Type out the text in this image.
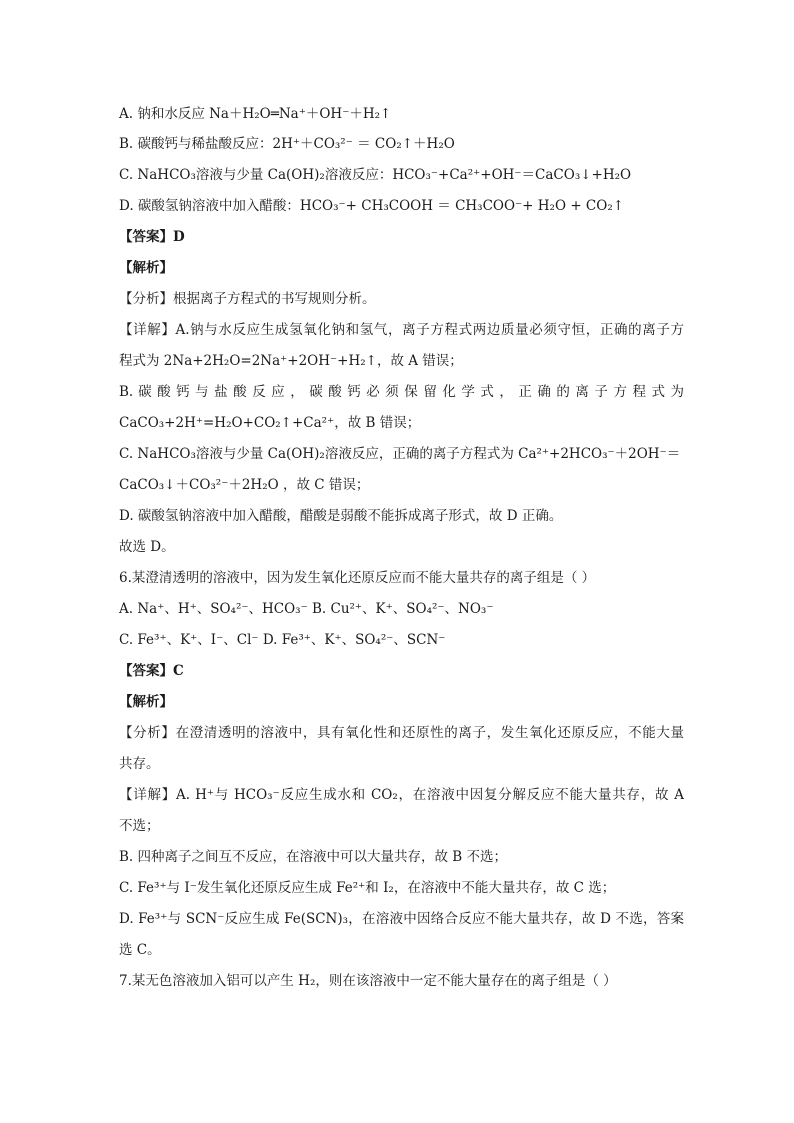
A. 钠和水反应 Na＋H₂O═Na⁺＋OH⁻＋H₂↑
B. 碳酸钙与稀盐酸反应：2H⁺＋CO₃²⁻ ＝ CO₂↑＋H₂O
C. NaHCO₃溶液与少量 Ca(OH)₂溶液反应：HCO₃⁻+Ca²⁺+OH⁻＝CaCO₃↓+H₂O
D. 碳酸氢钠溶液中加入醋酸：HCO₃⁻+ CH₃COOH ＝ CH₃COO⁻+ H₂O + CO₂↑
【答案】D
【解析】
【分析】根据离子方程式的书写规则分析。
【详解】A.钠与水反应生成氢氧化钠和氢气，离子方程式两边质量必须守恒，正确的离子方
程式为 2Na+2H₂O=2Na⁺+2OH⁻+H₂↑，故 A 错误；
B. 碳 酸 钙 与 盐 酸 反 应 ， 碳 酸 钙 必 须 保 留 化 学 式 ， 正 确 的 离 子 方 程 式 为
CaCO₃+2H⁺=H₂O+CO₂↑+Ca²⁺，故 B 错误；
C. NaHCO₃溶液与少量 Ca(OH)₂溶液反应，正确的离子方程式为 Ca²⁺+2HCO₃⁻＋2OH⁻＝
CaCO₃↓＋CO₃²⁻＋2H₂O ，故 C 错误；
D. 碳酸氢钠溶液中加入醋酸，醋酸是弱酸不能拆成离子形式，故 D 正确。
故选 D。
6.某澄清透明的溶液中，因为发生氧化还原反应而不能大量共存的离子组是（ ）
A. Na⁺、H⁺、SO₄²⁻、HCO₃⁻ B. Cu²⁺、K⁺、SO₄²⁻、NO₃⁻
C. Fe³⁺、K⁺、I⁻、Cl⁻ D. Fe³⁺、K⁺、SO₄²⁻、SCN⁻
【答案】C
【解析】
【分析】在澄清透明的溶液中，具有氧化性和还原性的离子，发生氧化还原反应，不能大量
共存。
【详解】A. H⁺与 HCO₃⁻反应生成水和 CO₂，在溶液中因复分解反应不能大量共存，故 A
不选；
B. 四种离子之间互不反应，在溶液中可以大量共存，故 B 不选；
C. Fe³⁺与 I⁻发生氧化还原反应生成 Fe²⁺和 I₂，在溶液中不能大量共存，故 C 选；
D. Fe³⁺与 SCN⁻反应生成 Fe(SCN)₃，在溶液中因络合反应不能大量共存，故 D 不选，答案
选 C。
7.某无色溶液加入铝可以产生 H₂，则在该溶液中一定不能大量存在的离子组是（ ）
